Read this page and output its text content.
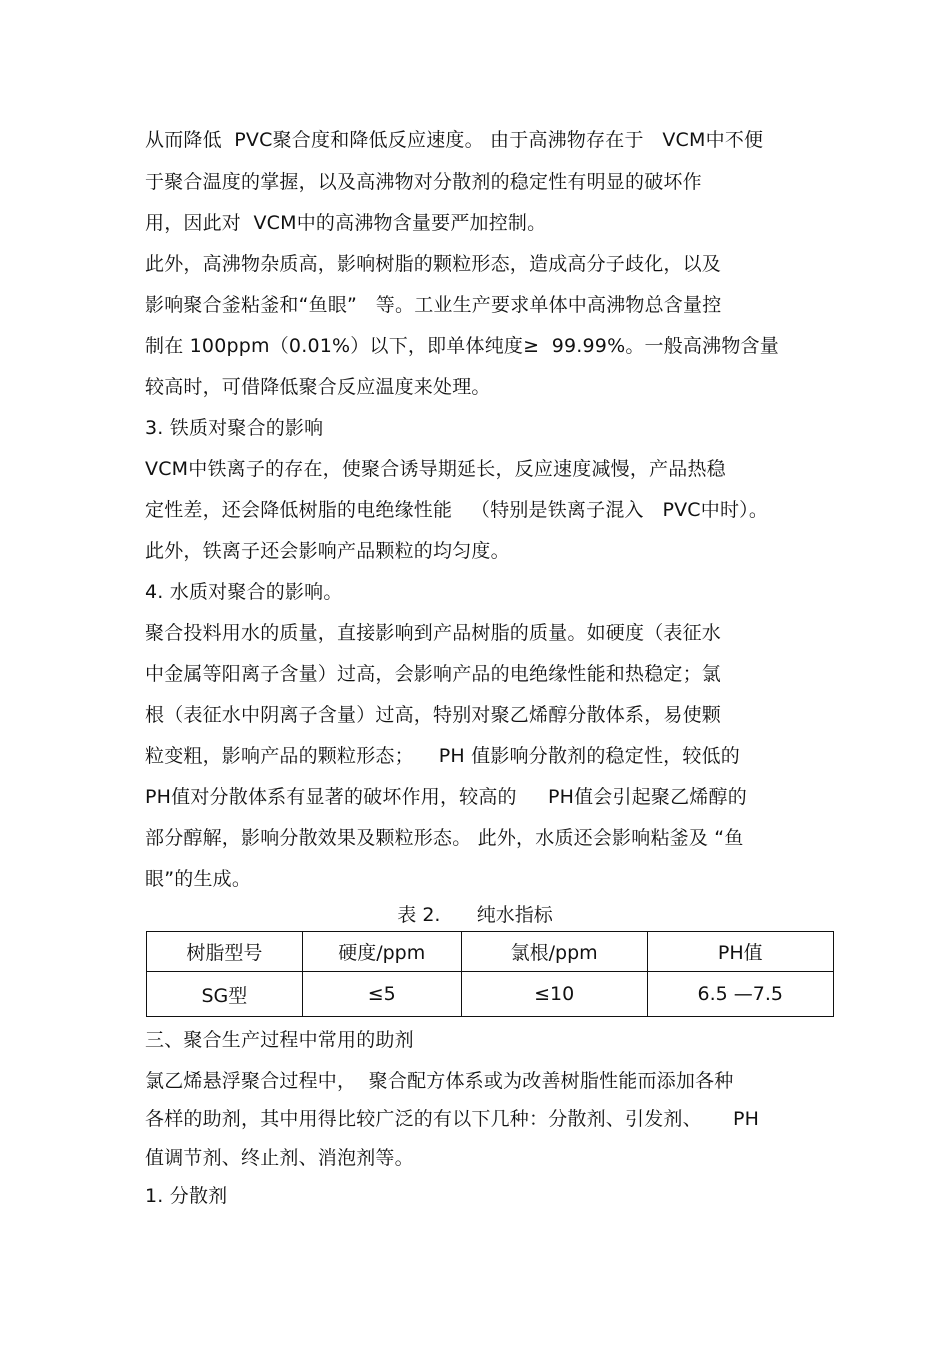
从而降低  PVC聚合度和降低反应速度。 由于高沸物存在于   VCM中不便
于聚合温度的掌握，以及高沸物对分散剂的稳定性有明显的破坏作
用，因此对  VCM中的高沸物含量要严加控制。
此外，高沸物杂质高，影响树脂的颗粒形态，造成高分子歧化，以及
影响聚合釜粘釜和“鱼眼”   等。工业生产要求单体中高沸物总含量控
制在 100ppm（0.01%）以下，即单体纯度≥  99.99%。一般高沸物含量
较高时，可借降低聚合反应温度来处理。
3. 铁质对聚合的影响
VCM中铁离子的存在，使聚合诱导期延长，反应速度减慢，产品热稳
定性差，还会降低树脂的电绝缘性能   （特别是铁离子混入   PVC中时）。
此外，铁离子还会影响产品颗粒的均匀度。
4. 水质对聚合的影响。
聚合投料用水的质量，直接影响到产品树脂的质量。如硬度（表征水
中金属等阳离子含量）过高，会影响产品的电绝缘性能和热稳定；氯
根（表征水中阴离子含量）过高，特别对聚乙烯醇分散体系，易使颗
粒变粗，影响产品的颗粒形态；    PH 值影响分散剂的稳定性，较低的
PH值对分散体系有显著的破坏作用，较高的     PH值会引起聚乙烯醇的
部分醇解，影响分散效果及颗粒形态。 此外，水质还会影响粘釜及 “鱼
眼”的生成。
表 2.      纯水指标
树脂型号	硬度/ppm	氯根/ppm	PH值
SG型	≤5	≤10	6.5 —7.5
三、聚合生产过程中常用的助剂
氯乙烯悬浮聚合过程中，  聚合配方体系或为改善树脂性能而添加各种
各样的助剂，其中用得比较广泛的有以下几种：分散剂、引发剂、     PH
值调节剂、终止剂、消泡剂等。
1. 分散剂
